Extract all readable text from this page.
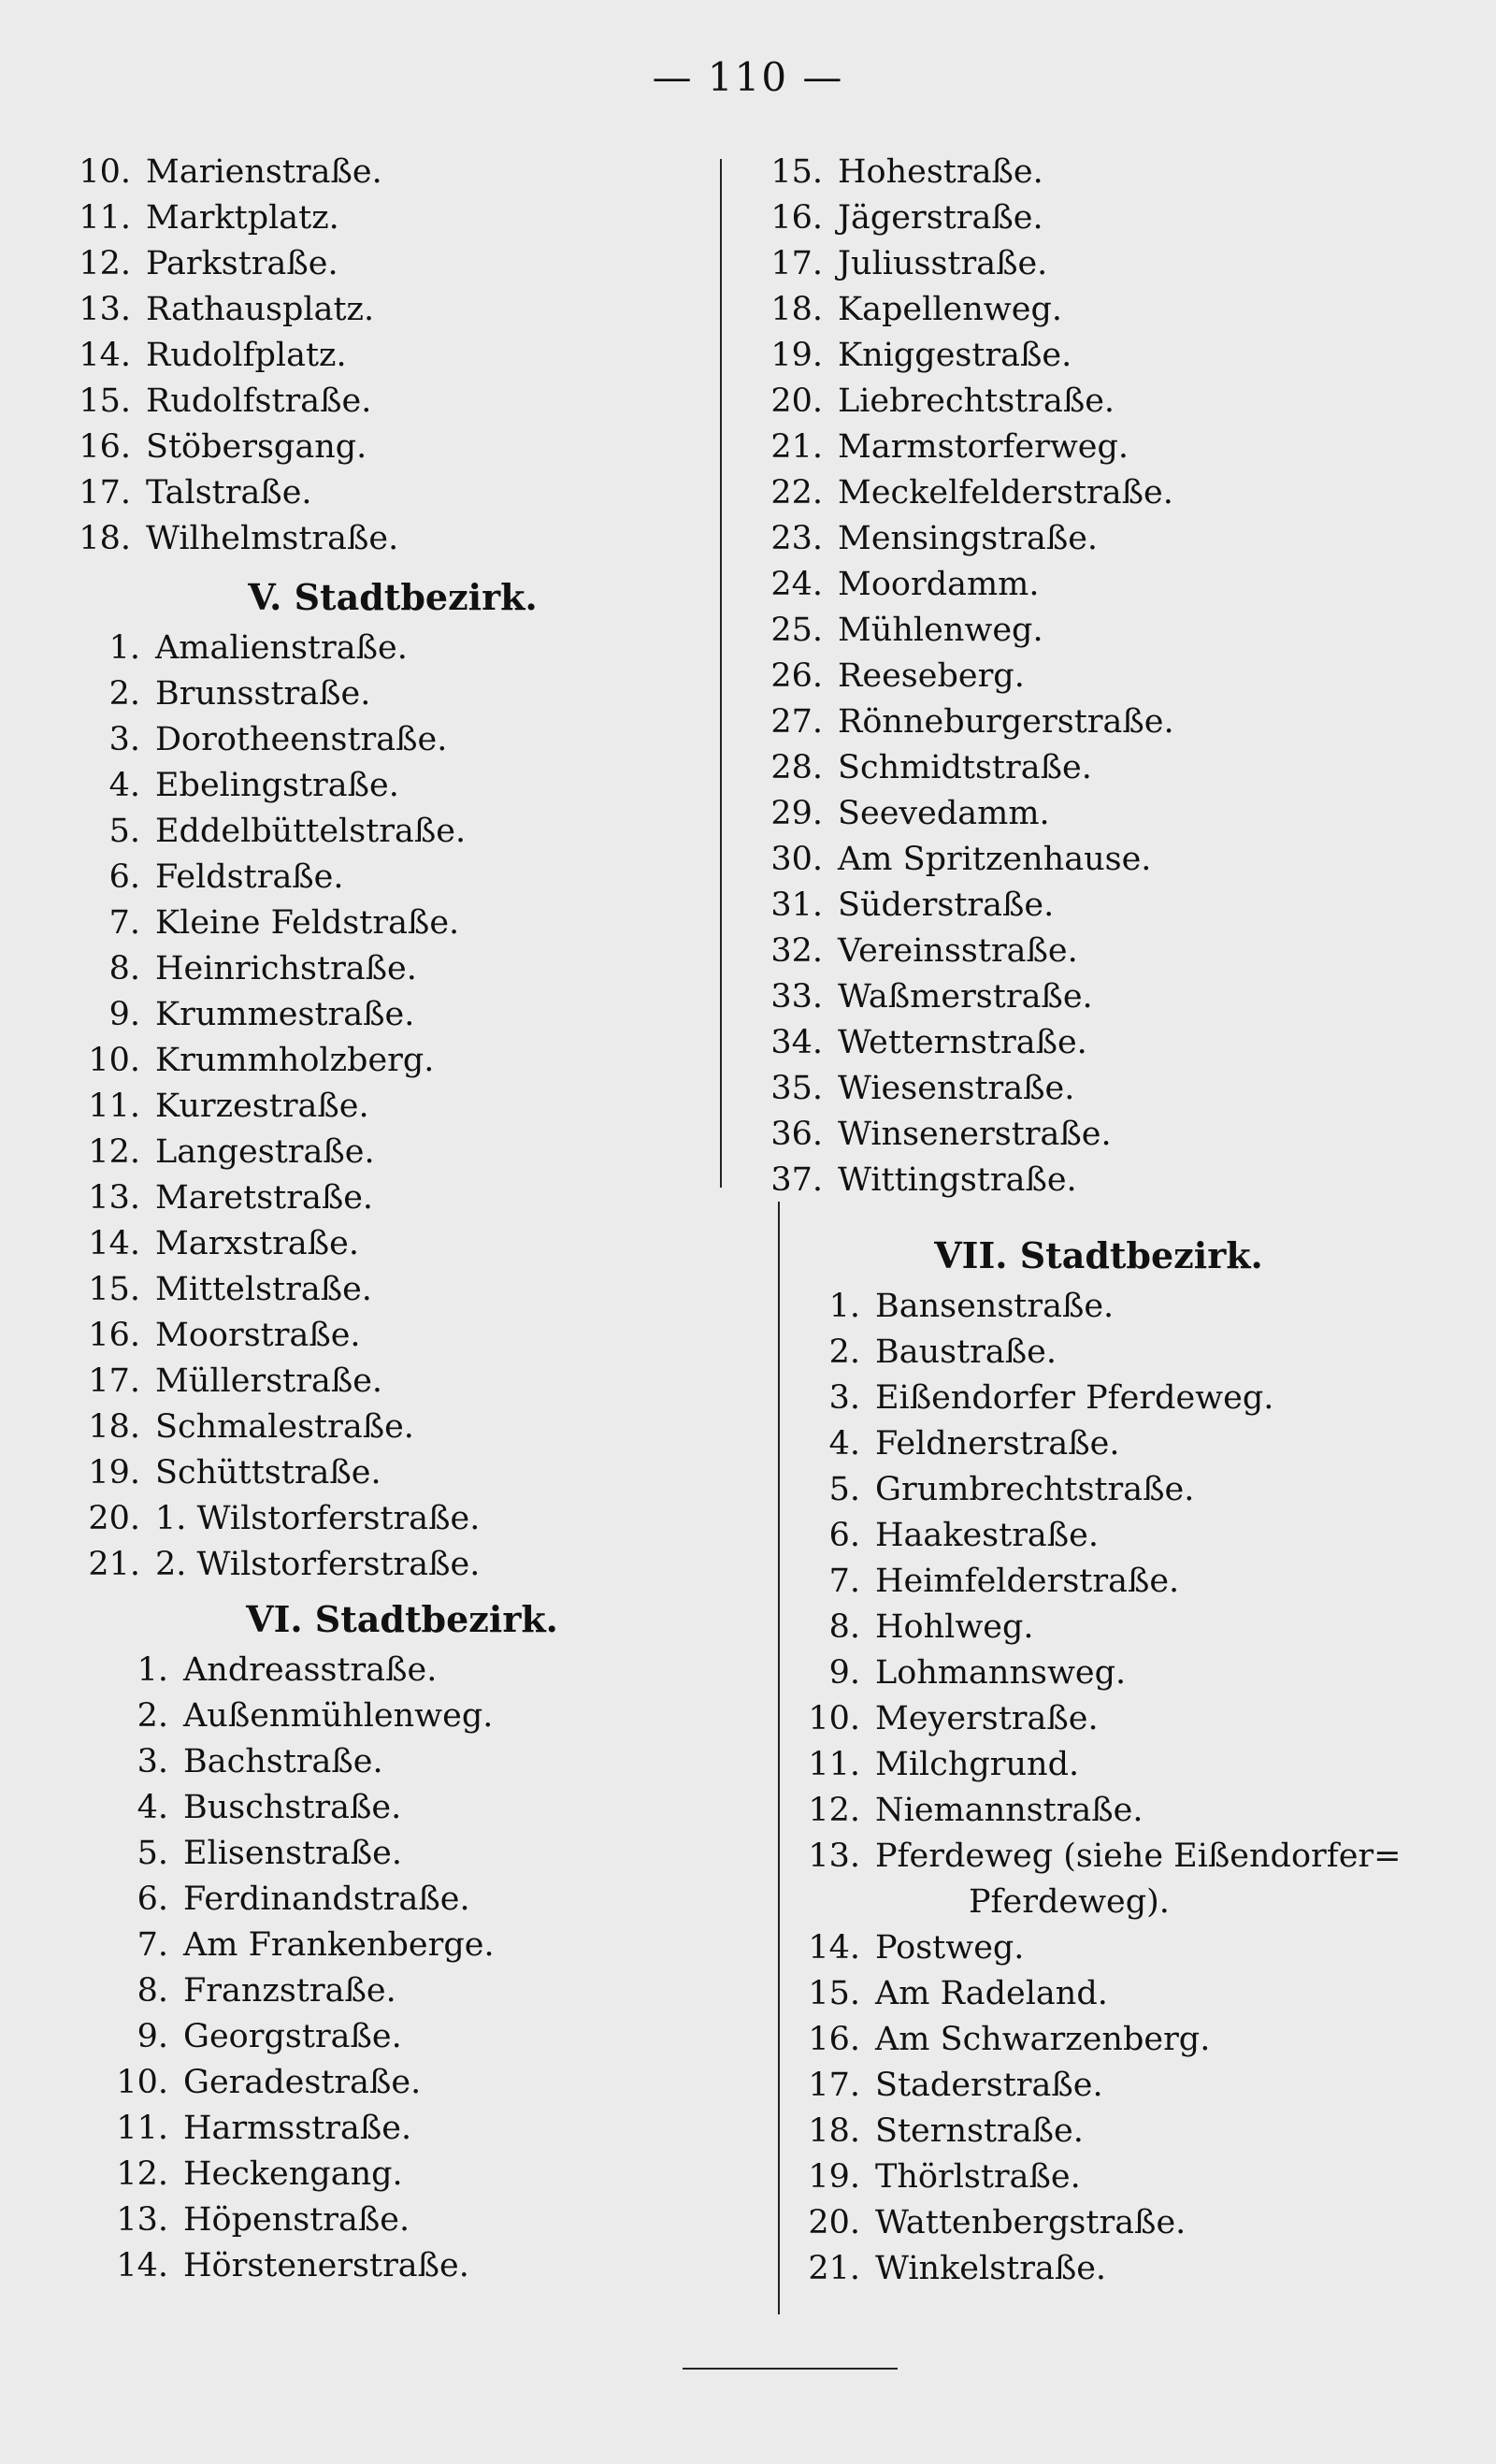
— 110 —
10. Marienstraße.
11. Marktplatz.
12. Parkstraße.
13. Rathausplatz.
14. Rudolfplatz.
15. Rudolfstraße.
16. Stöbersgang.
17. Talstraße.
18. Wilhelmstraße.
V. Stadtbezirk.
1. Amalienstraße.
2. Brunsstraße.
3. Dorotheenstraße.
4. Ebelingstraße.
5. Eddelbüttelstraße.
6. Feldstraße.
7. Kleine Feldstraße.
8. Heinrichstraße.
9. Krummestraße.
10. Krummholzberg.
11. Kurzestraße.
12. Langestraße.
13. Maretstraße.
14. Marxstraße.
15. Mittelstraße.
16. Moorstraße.
17. Müllerstraße.
18. Schmalestraße.
19. Schüttstraße.
20. 1. Wilstorferstraße.
21. 2. Wilstorferstraße.
VI. Stadtbezirk.
1. Andreasstraße.
2. Außenmühlenweg.
3. Bachstraße.
4. Buschstraße.
5. Elisenstraße.
6. Ferdinandstraße.
7. Am Frankenberge.
8. Franzstraße.
9. Georgstraße.
10. Geradestraße.
11. Harmsstraße.
12. Heckengang.
13. Höpenstraße.
14. Hörstenerstraße.
15. Hohestraße.
16. Jägerstraße.
17. Juliusstraße.
18. Kapellenweg.
19. Kniggestraße.
20. Liebrechtstraße.
21. Marmstorferweg.
22. Meckelfelderstraße.
23. Mensingstraße.
24. Moordamm.
25. Mühlenweg.
26. Reeseberg.
27. Rönneburgerstraße.
28. Schmidtstraße.
29. Seevedamm.
30. Am Spritzenhause.
31. Süderstraße.
32. Vereinsstraße.
33. Waßmerstraße.
34. Wetternstraße.
35. Wiesenstraße.
36. Winsenerstraße.
37. Wittingstraße.
VII. Stadtbezirk.
1. Bansenstraße.
2. Baustraße.
3. Eißendorfer Pferdeweg.
4. Feldnerstraße.
5. Grumbrechtstraße.
6. Haakestraße.
7. Heimfelderstraße.
8. Hohlweg.
9. Lohmannsweg.
10. Meyerstraße.
11. Milchgrund.
12. Niemannstraße.
13. Pferdeweg (siehe Eißendorfer=
Pferdeweg).
14. Postweg.
15. Am Radeland.
16. Am Schwarzenberg.
17. Staderstraße.
18. Sternstraße.
19. Thörlstraße.
20. Wattenbergstraße.
21. Winkelstraße.
